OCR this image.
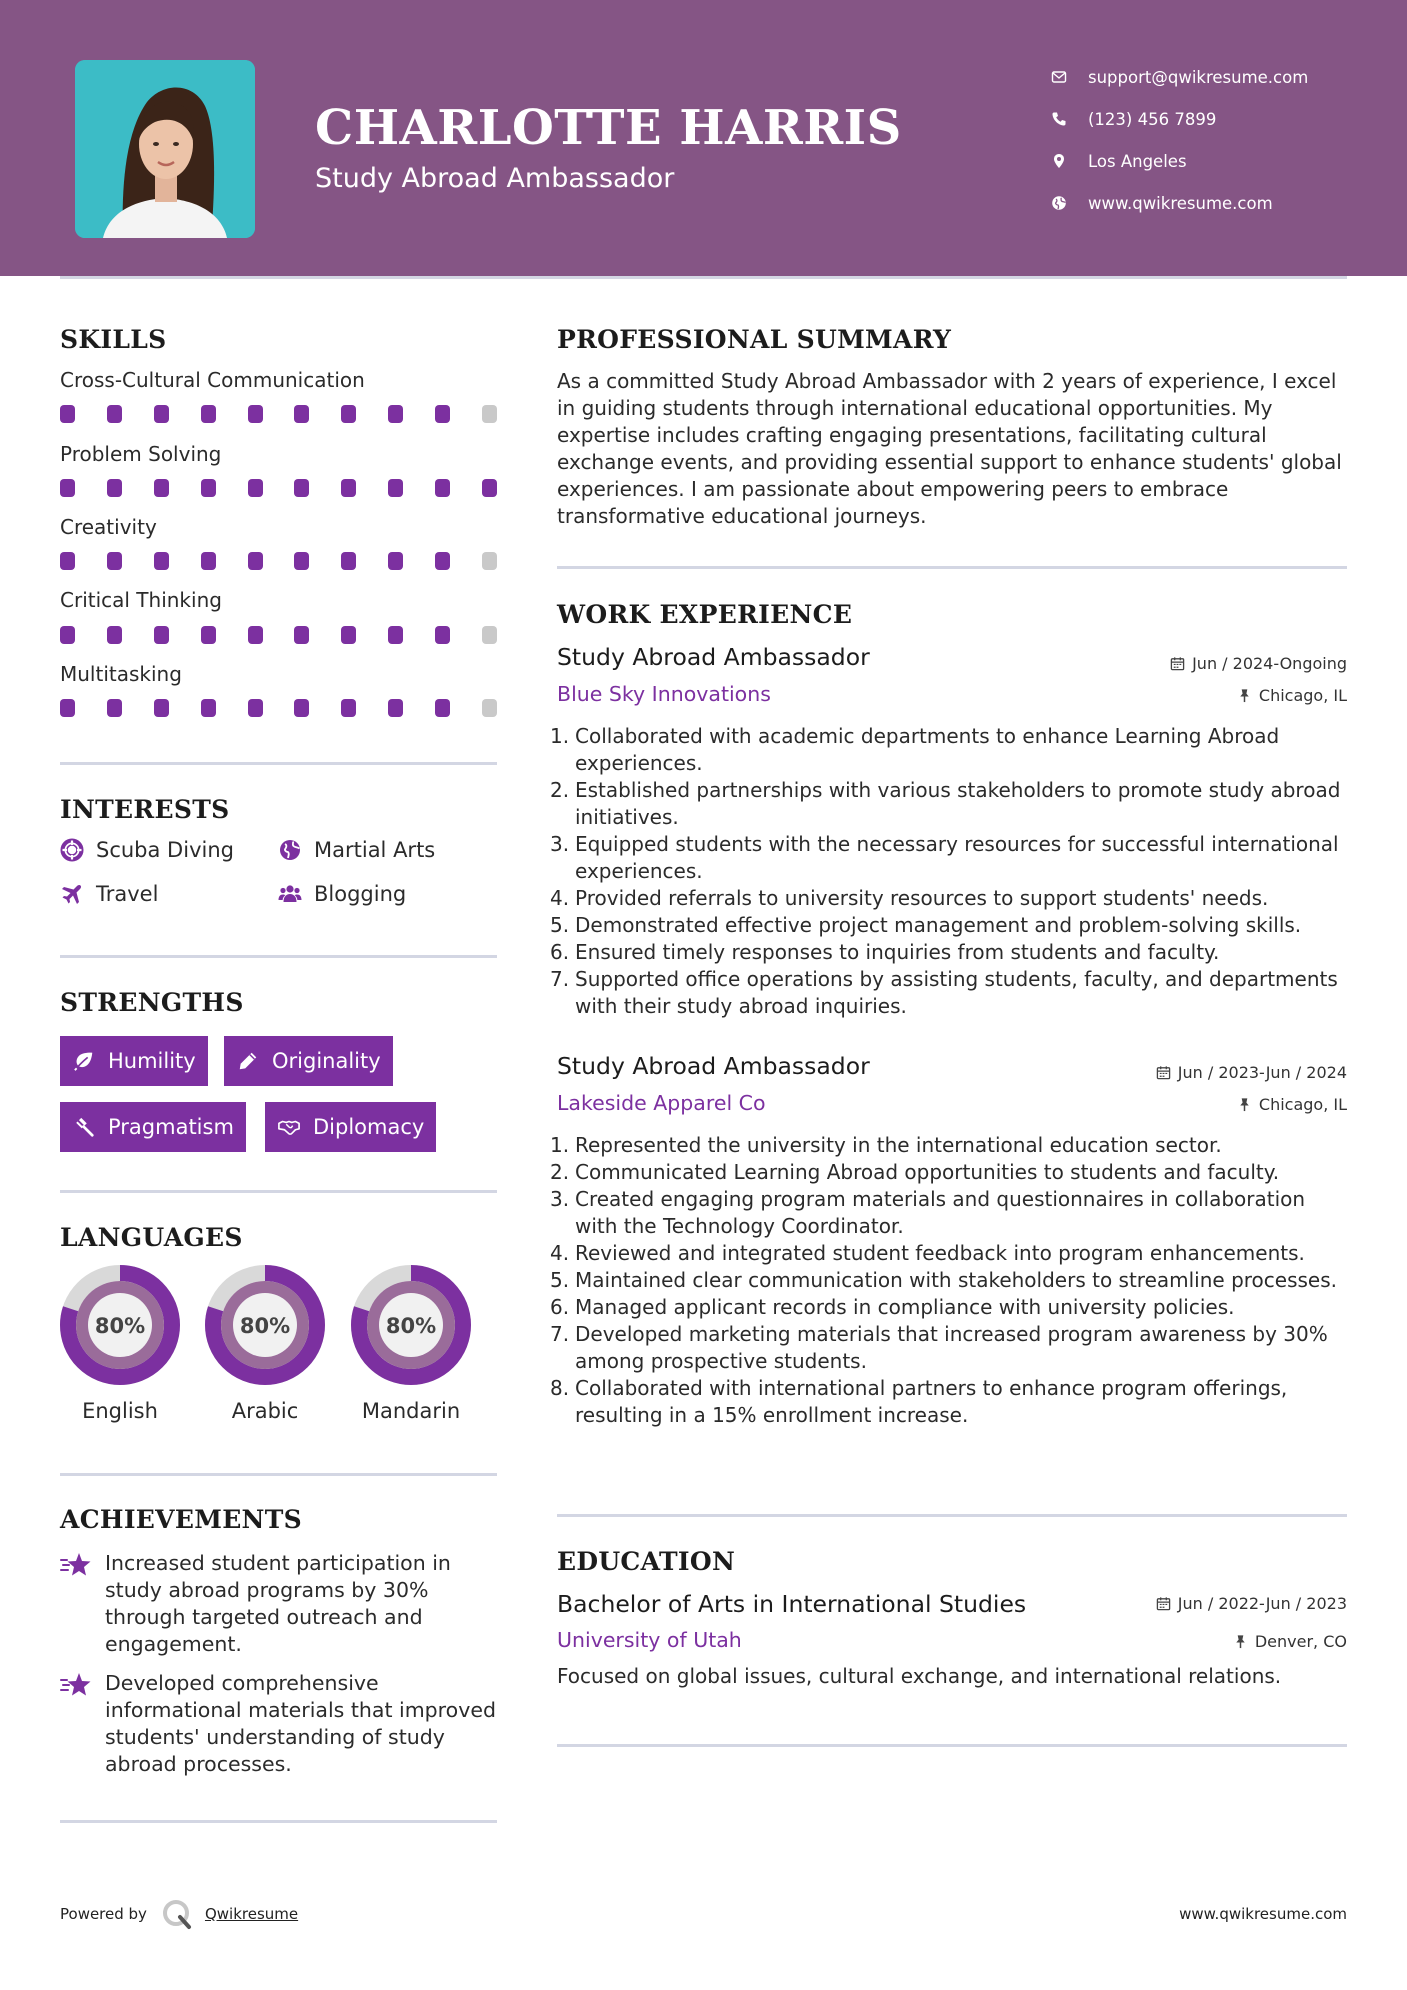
CHARLOTTE HARRIS
Study Abroad Ambassador
support@qwikresume.com
(123) 456 7899
Los Angeles
www.qwikresume.com
SKILLS
Cross-Cultural Communication
Problem Solving
Creativity
Critical Thinking
Multitasking
INTERESTS
Scuba Diving	Martial Arts
Travel	Blogging
STRENGTHS
Humility	Originality
Pragmatism	Diplomacy
LANGUAGES
80%
English
80%
Arabic
80%
Mandarin
ACHIEVEMENTS
Increased student participation in study abroad programs by 30% through targeted outreach and engagement.
Developed comprehensive informational materials that improved students' understanding of study abroad processes.
PROFESSIONAL SUMMARY
As a committed Study Abroad Ambassador with 2 years of experience, I excel in guiding students through international educational opportunities. My expertise includes crafting engaging presentations, facilitating cultural exchange events, and providing essential support to enhance students' global experiences. I am passionate about empowering peers to embrace transformative educational journeys.
WORK EXPERIENCE
Study Abroad Ambassador	Jun / 2024-Ongoing
Blue Sky Innovations	Chicago, IL
1. Collaborated with academic departments to enhance Learning Abroad experiences.
2. Established partnerships with various stakeholders to promote study abroad initiatives.
3. Equipped students with the necessary resources for successful international experiences.
4. Provided referrals to university resources to support students' needs.
5. Demonstrated effective project management and problem-solving skills.
6. Ensured timely responses to inquiries from students and faculty.
7. Supported office operations by assisting students, faculty, and departments with their study abroad inquiries.
Study Abroad Ambassador	Jun / 2023-Jun / 2024
Lakeside Apparel Co	Chicago, IL
1. Represented the university in the international education sector.
2. Communicated Learning Abroad opportunities to students and faculty.
3. Created engaging program materials and questionnaires in collaboration with the Technology Coordinator.
4. Reviewed and integrated student feedback into program enhancements.
5. Maintained clear communication with stakeholders to streamline processes.
6. Managed applicant records in compliance with university policies.
7. Developed marketing materials that increased program awareness by 30% among prospective students.
8. Collaborated with international partners to enhance program offerings, resulting in a 15% enrollment increase.
EDUCATION
Bachelor of Arts in International Studies	Jun / 2022-Jun / 2023
University of Utah	Denver, CO
Focused on global issues, cultural exchange, and international relations.
Powered by	Qwikresume	www.qwikresume.com
